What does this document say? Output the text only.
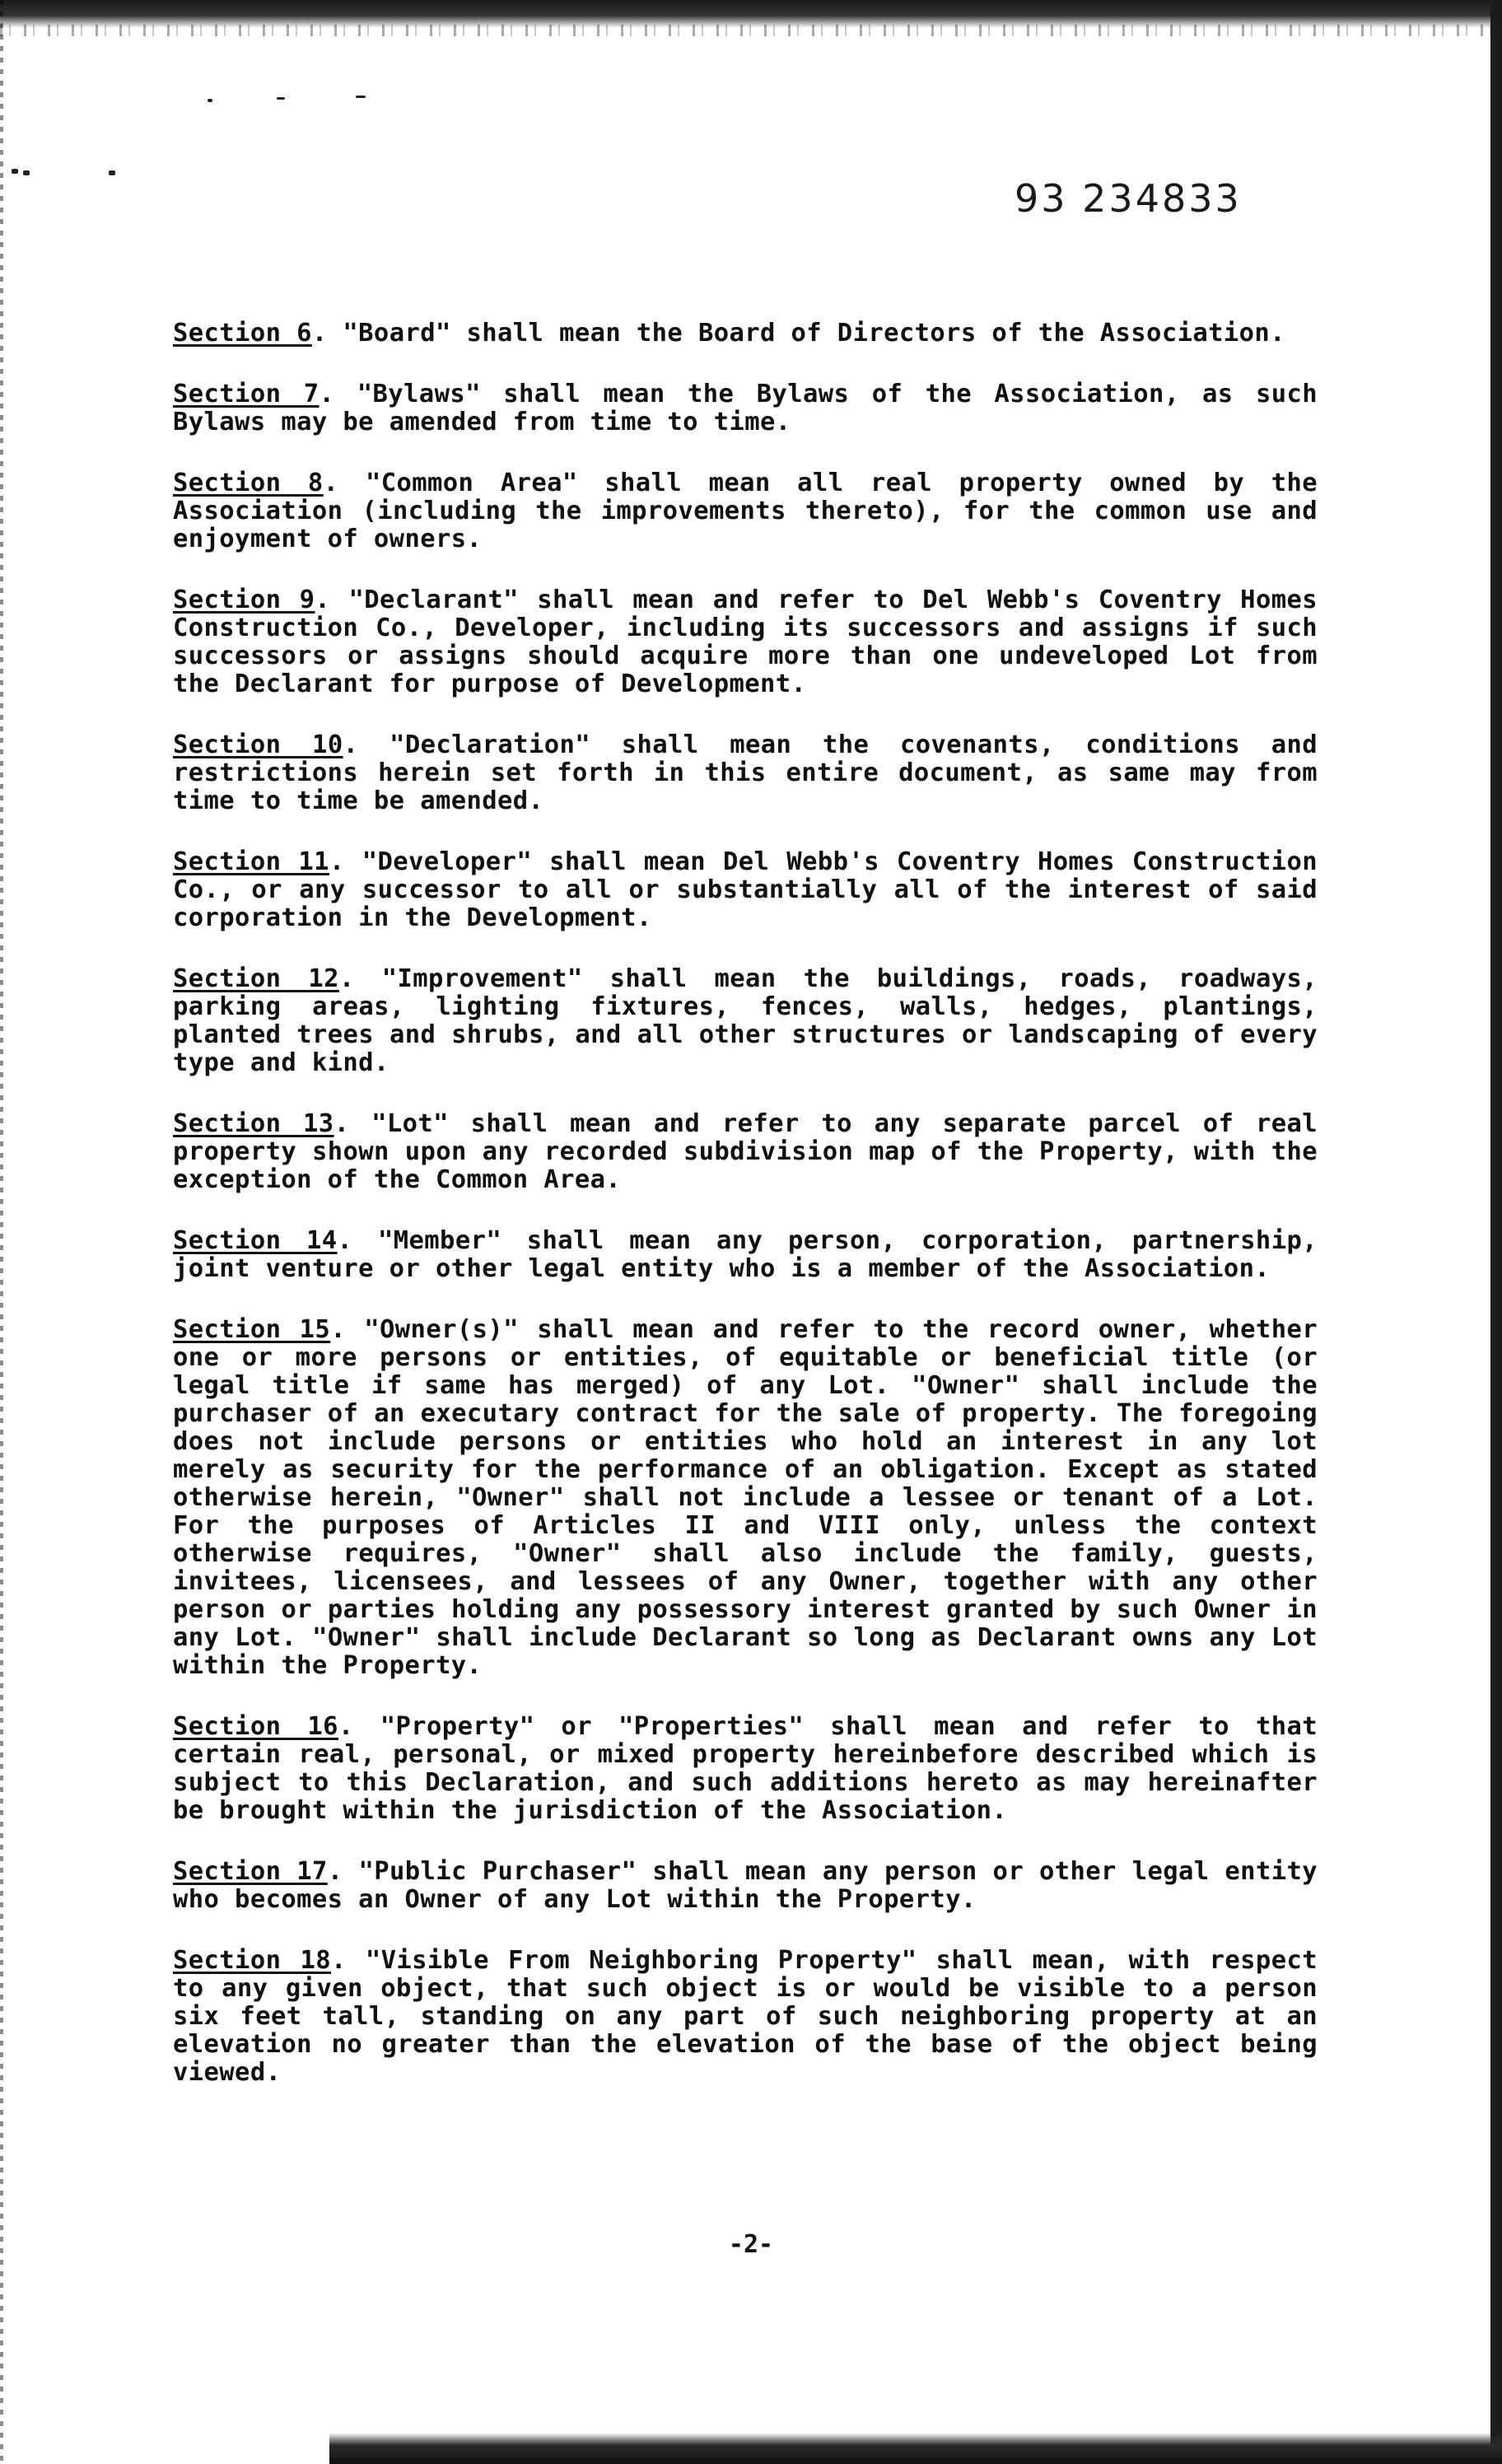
93 234833

Section 6. "Board" shall mean the Board of Directors of the Association.

Section 7. "Bylaws" shall mean the Bylaws of the Association, as such Bylaws may be amended from time to time.

Section 8. "Common Area" shall mean all real property owned by the Association (including the improvements thereto), for the common use and enjoyment of owners.

Section 9. "Declarant" shall mean and refer to Del Webb's Coventry Homes Construction Co., Developer, including its successors and assigns if such successors or assigns should acquire more than one undeveloped Lot from the Declarant for purpose of Development.

Section 10. "Declaration" shall mean the covenants, conditions and restrictions herein set forth in this entire document, as same may from time to time be amended.

Section 11. "Developer" shall mean Del Webb's Coventry Homes Construction Co., or any successor to all or substantially all of the interest of said corporation in the Development.

Section 12. "Improvement" shall mean the buildings, roads, roadways, parking areas, lighting fixtures, fences, walls, hedges, plantings, planted trees and shrubs, and all other structures or landscaping of every type and kind.

Section 13. "Lot" shall mean and refer to any separate parcel of real property shown upon any recorded subdivision map of the Property, with the exception of the Common Area.

Section 14. "Member" shall mean any person, corporation, partnership, joint venture or other legal entity who is a member of the Association.

Section 15. "Owner(s)" shall mean and refer to the record owner, whether one or more persons or entities, of equitable or beneficial title (or legal title if same has merged) of any Lot. "Owner" shall include the purchaser of an executary contract for the sale of property. The foregoing does not include persons or entities who hold an interest in any lot merely as security for the performance of an obligation. Except as stated otherwise herein, "Owner" shall not include a lessee or tenant of a Lot. For the purposes of Articles II and VIII only, unless the context otherwise requires, "Owner" shall also include the family, guests, invitees, licensees, and lessees of any Owner, together with any other person or parties holding any possessory interest granted by such Owner in any Lot. "Owner" shall include Declarant so long as Declarant owns any Lot within the Property.

Section 16. "Property" or "Properties" shall mean and refer to that certain real, personal, or mixed property hereinbefore described which is subject to this Declaration, and such additions hereto as may hereinafter be brought within the jurisdiction of the Association.

Section 17. "Public Purchaser" shall mean any person or other legal entity who becomes an Owner of any Lot within the Property.

Section 18. "Visible From Neighboring Property" shall mean, with respect to any given object, that such object is or would be visible to a person six feet tall, standing on any part of such neighboring property at an elevation no greater than the elevation of the base of the object being viewed.

-2-
